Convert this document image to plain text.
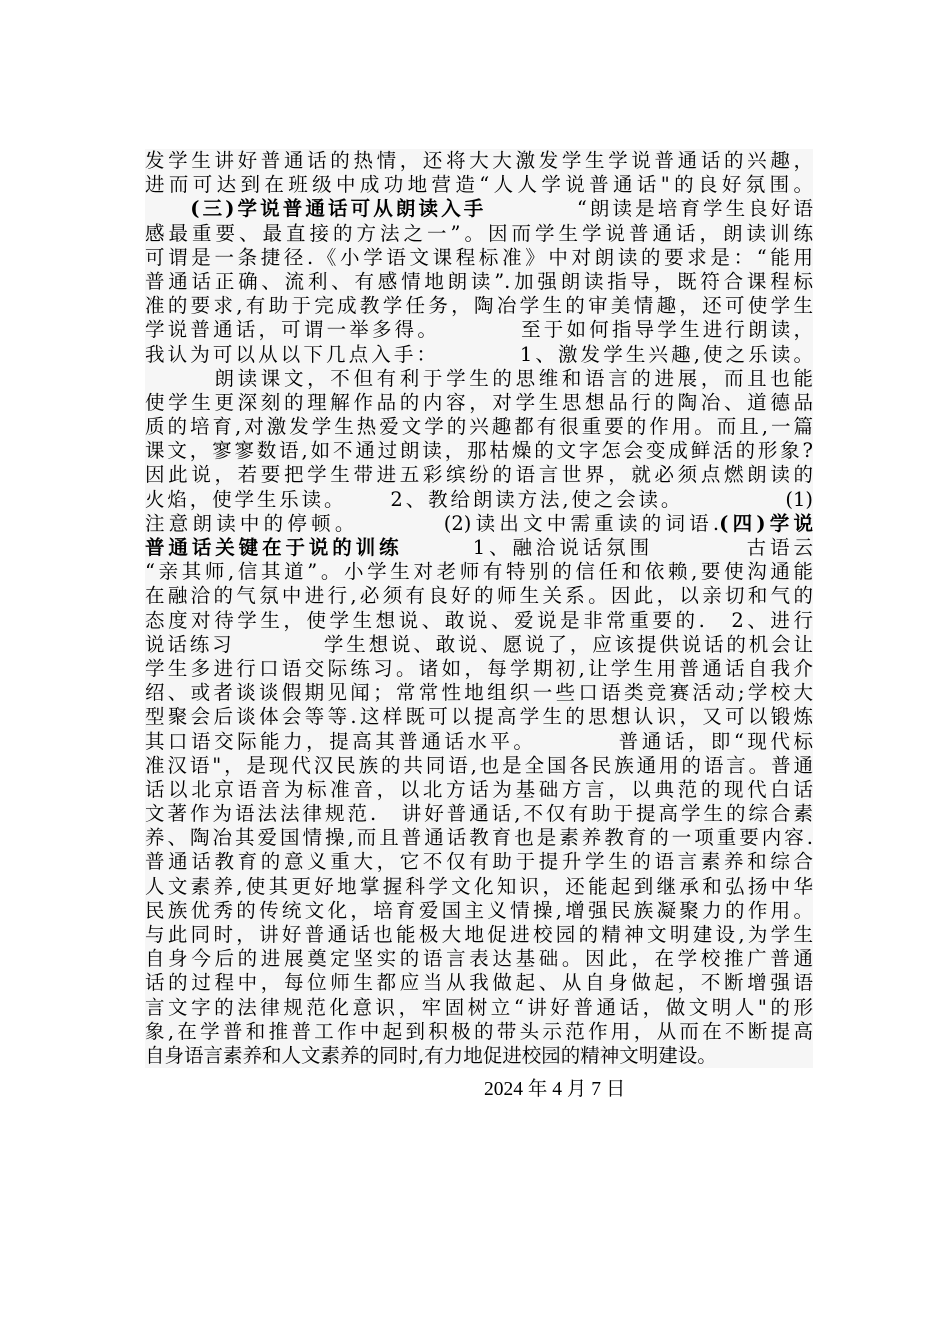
发学生讲好普通话的热情，还将大大激发学生学说普通话的兴趣，
进而可达到在班级中成功地营造“人人学说普通话"的良好氛围。
　　(三)学说普通话可从朗读入手　　　　“朗读是培育学生良好语
感最重要、最直接的方法之一”。因而学生学说普通话，朗读训练
可谓是一条捷径.《小学语文课程标准》中对朗读的要求是：“能用
普通话正确、流利、有感情地朗读”.加强朗读指导，既符合课程标
准的要求,有助于完成教学任务，陶冶学生的审美情趣，还可使学生
学说普通话，可谓一举多得。　　　　至于如何指导学生进行朗读，
我认为可以从以下几点入手：　　　　1、激发学生兴趣,使之乐读。
　　　朗读课文，不但有利于学生的思维和语言的进展，而且也能
使学生更深刻的理解作品的内容，对学生思想品行的陶冶、道德品
质的培育,对激发学生热爱文学的兴趣都有很重要的作用。而且,一篇
课文，寥寥数语,如不通过朗读，那枯燥的文字怎会变成鲜活的形象?
因此说，若要把学生带进五彩缤纷的语言世界，就必须点燃朗读的
火焰，使学生乐读。　　 2、教给朗读方法,使之会读。　　　　　(1)
注意朗读中的停顿。　　　　(2)读出文中需重读的词语.(四)学说
普通话关键在于说的训练　　　1、融洽说话氛围　　　　古语云
“亲其师,信其道”。小学生对老师有特别的信任和依赖,要使沟通能
在融洽的气氛中进行,必须有良好的师生关系。因此，以亲切和气的
态度对待学生，使学生想说、敢说、爱说是非常重要的.　2、进行
说话练习　　　　学生想说、敢说、愿说了，应该提供说话的机会让
学生多进行口语交际练习。诸如，每学期初,让学生用普通话自我介
绍、或者谈谈假期见闻；常常性地组织一些口语类竞赛活动;学校大
型聚会后谈体会等等.这样既可以提高学生的思想认识，又可以锻炼
其口语交际能力，提高其普通话水平。　　　　普通话，即“现代标
准汉语"，是现代汉民族的共同语,也是全国各民族通用的语言。普通
话以北京语音为标准音，以北方话为基础方言，以典范的现代白话
文著作为语法法律规范.　讲好普通话,不仅有助于提高学生的综合素
养、陶冶其爱国情操,而且普通话教育也是素养教育的一项重要内容.
普通话教育的意义重大，它不仅有助于提升学生的语言素养和综合
人文素养,使其更好地掌握科学文化知识，还能起到继承和弘扬中华
民族优秀的传统文化，培育爱国主义情操,增强民族凝聚力的作用。
与此同时，讲好普通话也能极大地促进校园的精神文明建设,为学生
自身今后的进展奠定坚实的语言表达基础。因此，在学校推广普通
话的过程中，每位师生都应当从我做起、从自身做起，不断增强语
言文字的法律规范化意识，牢固树立“讲好普通话，做文明人"的形
象,在学普和推普工作中起到积极的带头示范作用，从而在不断提高
自身语言素养和人文素养的同时,有力地促进校园的精神文明建设。
2024 年 4 月 7 日
